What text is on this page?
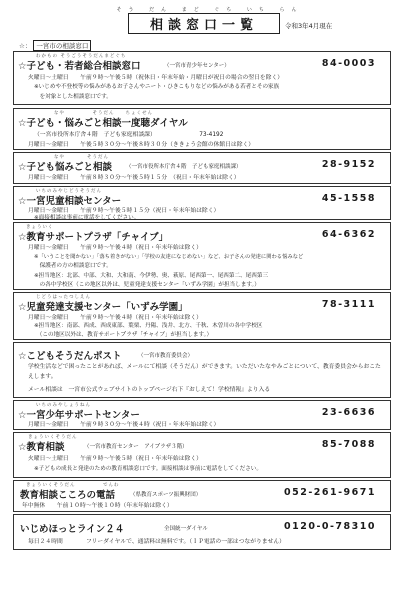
そう だん まど ぐち いち らん
相談窓口一覧	令和3年4月現在
☆： 一宮市の相談窓口
わかもの そうごうそうだんまどぐち
☆子ども・若者総合相談窓口	（一宮市青少年センター）	84-0003
火曜日～土曜日　　午前９時～午後５時（祝休日・年末年始・月曜日が祝日の場合の翌日を除く）
※いじめや不登校等の悩みがあるお子さんやニート・ひきこもりなどの悩みがある若者とその家族
　を対象とした相談窓口です。
なや　　　　　そうだん　　ちょくせん
☆子ども・悩みごと相談一度聴ダイヤル
（一宮市役所本庁舎４階　子ども家庭相談課）　　　　　　　　73-4192
月曜日～金曜日　　午後５時３０分～午後８時３０分（ききょう会館の休館日は除く）
なや　　　　そうだん
☆子ども悩みごと相談	（一宮市役所本庁舎４階　子ども家庭相談課）	28-9152
月曜日～金曜日　　午前８時３０分～午後５時１５分　（祝日・年末年始は除く）
いちのみやじどうそうだん
☆一宮児童相談センター	45-1558
月曜日～金曜日　　午前９時～午後５時１５分（祝日・年末年始は除く）
※面接相談は事前に電話をしてください。
きょういく
☆教育サポートプラザ「チャイブ」	64-6362
月曜日～金曜日　　午前９時～午後４時（祝日・年末年始は除く）
※「いうことを聞かない」「落ち着きがない」「学校の友達になじめない」など、お子さんの発達に関わる悩みなど
　保護者の方の相談窓口です。
※担当地区：北部、中部、大和、大和南、今伊勢、奥、萩原、尾西第一、尾西第二、尾西第三
　の各中学校区（この地区以外は、児童発達支援センター「いずみ学園」が担当します。）
じどうはったつしえん
☆児童発達支援センター「いずみ学園」	78-3111
月曜日～金曜日　　午前９時～午後４時（祝日・年末年始は除く）
※担当地区：南部、西成、西成東部、葉栗、丹陽、浅井、北方、千秋、木曽川の各中学校区
　（この地区以外は、教育サポートプラザ「チャイブ」が担当します。）
☆こどもそうだんポスト	（一宮市教育委員会）
学校生活などで困ったことがあれば、メールにて相談（そうだん）ができます。いただいたなやみごとについて、教育委員会からおこたえします。
メール相談は　一宮市公式ウェブサイトのトップページ右下『おしえて！学校情報』より入る
いちのみやしょうねん
☆一宮少年サポートセンター	23-6636
月曜日～金曜日　　午前９時３０分～午後４時（祝日・年末年始は除く）
きょういくそうだん
☆教育相談	（一宮市教育センター　アイプラザ３階）	85-7088
火曜日～土曜日　　午前９時～午後５時（祝日・年末年始は除く）
※子どもの成長と発達のための教育相談窓口です。面接相談は事前に電話をしてください。
きょういくそうだん　　　　　でんわ
教育相談こころの電話	（県教育スポーツ振興財団）	052-261-9671
年中無休　　午前１０時～午後１０時（年末年始は除く）
いじめほっとライン２４	全国統一ダイヤル	0120-0-78310
毎日２４時間　　　　フリーダイヤルで、通話料は無料です。（ＩＰ電話の一部はつながりません）
